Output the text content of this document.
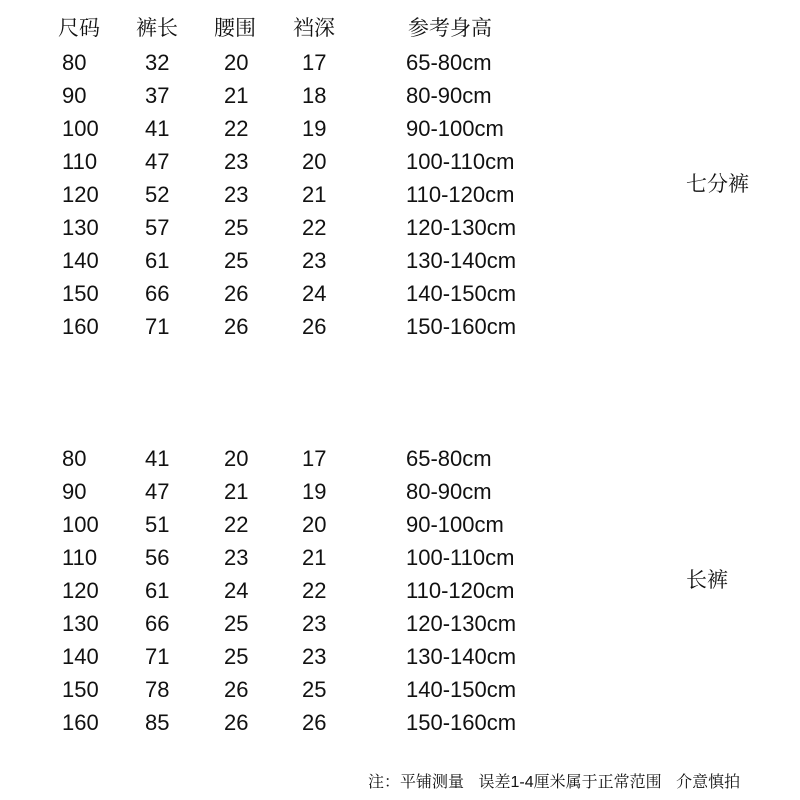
尺码 裤长 腰围 裆深	参考身高
80	32 20 17	65-80cm
90	37 21 18	80-90cm
100 41 22 19	90-100cm
110 47 23 20	100-110cm
120 52 23 21	110-120cm
130 57 25 22	120-130cm
140 61 25 23	130-140cm
150 66 26 24	140-150cm
160 71 26 26	150-160cm
七分裤
80	41 20 17	65-80cm
90	47 21 19	80-90cm
100 51 22 20	90-100cm
110 56 23 21	100-110cm
120 61 24 22	110-120cm
130 66 25 23	120-130cm
140 71 25 23	130-140cm
150 78 26 25	140-150cm
160 85 26 26	150-160cm
长裤
注：平铺测量 误差1-4厘米属于正常范围 介意慎拍
